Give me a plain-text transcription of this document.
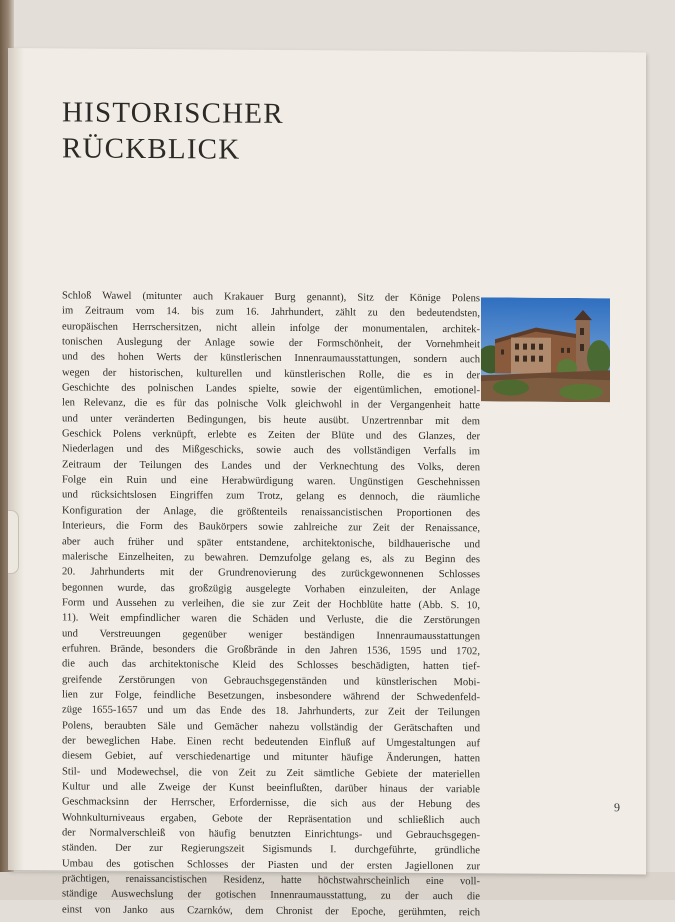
HISTORISCHER
RÜCKBLICK
Schloß Wawel (mitunter auch Krakauer Burg genannt), Sitz der Könige Polens
im Zeitraum vom 14. bis zum 16. Jahrhundert, zählt zu den bedeutendsten,
europäischen Herrschersitzen, nicht allein infolge der monumentalen, architek-
tonischen Auslegung der Anlage sowie der Formschönheit, der Vornehmheit
und des hohen Werts der künstlerischen Innenraumausstattungen, sondern auch
wegen der historischen, kulturellen und künstlerischen Rolle, die es in der
Geschichte des polnischen Landes spielte, sowie der eigentümlichen, emotionel-
len Relevanz, die es für das polnische Volk gleichwohl in der Vergangenheit hatte
und unter veränderten Bedingungen, bis heute ausübt. Unzertrennbar mit dem
Geschick Polens verknüpft, erlebte es Zeiten der Blüte und des Glanzes, der
Niederlagen und des Mißgeschicks, sowie auch des vollständigen Verfalls im
Zeitraum der Teilungen des Landes und der Verknechtung des Volks, deren
Folge ein Ruin und eine Herabwürdigung waren. Ungünstigen Geschehnissen
und rücksichtslosen Eingriffen zum Trotz, gelang es dennoch, die räumliche
Konfiguration der Anlage, die größtenteils renaissancistischen Proportionen des
Interieurs, die Form des Baukörpers sowie zahlreiche zur Zeit der Renaissance,
aber auch früher und später entstandene, architektonische, bildhauerische und
malerische Einzelheiten, zu bewahren. Demzufolge gelang es, als zu Beginn des
20. Jahrhunderts mit der Grundrenovierung des zurückgewonnenen Schlosses
begonnen wurde, das großzügig ausgelegte Vorhaben einzuleiten, der Anlage
Form und Aussehen zu verleihen, die sie zur Zeit der Hochblüte hatte (Abb. S. 10,
11). Weit empfindlicher waren die Schäden und Verluste, die die Zerstörungen
und Verstreuungen gegenüber weniger beständigen Innenraumausstattungen
erfuhren. Brände, besonders die Großbrände in den Jahren 1536, 1595 und 1702,
die auch das architektonische Kleid des Schlosses beschädigten, hatten tief-
greifende Zerstörungen von Gebrauchsgegenständen und künstlerischen Mobi-
lien zur Folge, feindliche Besetzungen, insbesondere während der Schwedenfeld-
züge 1655-1657 und um das Ende des 18. Jahrhunderts, zur Zeit der Teilungen
Polens, beraubten Säle und Gemächer nahezu vollständig der Gerätschaften und
der beweglichen Habe. Einen recht bedeutenden Einfluß auf Umgestaltungen auf
diesem Gebiet, auf verschiedenartige und mitunter häufige Änderungen, hatten
Stil- und Modewechsel, die von Zeit zu Zeit sämtliche Gebiete der materiellen
Kultur und alle Zweige der Kunst beeinflußten, darüber hinaus der variable
Geschmacksinn der Herrscher, Erfordernisse, die sich aus der Hebung des
Wohnkulturniveaus ergaben, Gebote der Repräsentation und schließlich auch
der Normalverschleiß von häufig benutzten Einrichtungs- und Gebrauchsgegen-
ständen. Der zur Regierungszeit Sigismunds I. durchgeführte, gründliche
Umbau des gotischen Schlosses der Piasten und der ersten Jagiellonen zur
prächtigen, renaissancistischen Residenz, hatte höchstwahrscheinlich eine voll-
ständige Auswechslung der gotischen Innenraumausstattung, zu der auch die
einst von Janko aus Czarnków, dem Chronist der Epoche, gerühmten, reich
9
